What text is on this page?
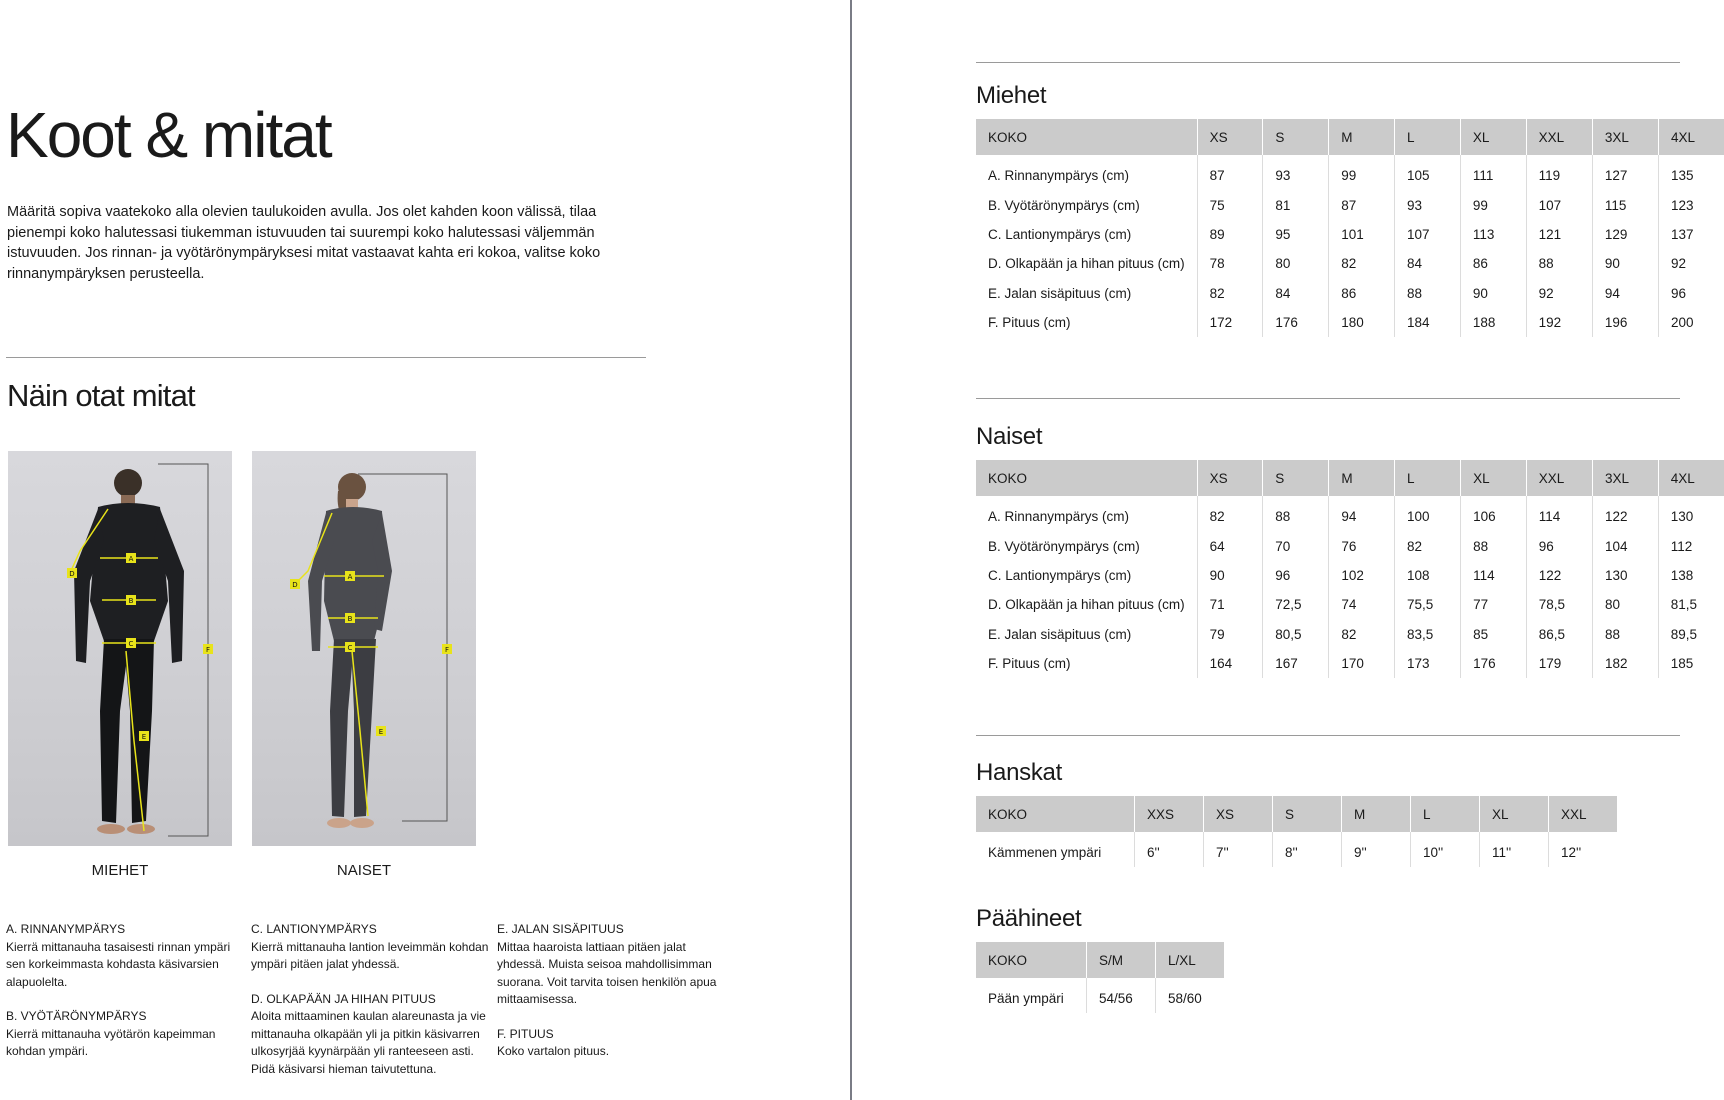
Koot & mitat

Määritä sopiva vaatekoko alla olevien taulukoiden avulla. Jos olet kahden koon välissä, tilaa pienempi koko halutessasi tiukemman istuvuuden tai suurempi koko halutessasi väljemmän istuvuuden. Jos rinnan- ja vyötärönympäryksesi mitat vastaavat kahta eri kokoa, valitse koko rinnanympäryksen perusteella.

Näin otat mitat
A
B
C
D
E
F
MIEHET
A
B
C
D
E
F
NAISET
A. RINNANYMPÄRYS
Kierrä mittanauha tasaisesti rinnan ympäri sen korkeimmasta kohdasta käsivarsien alapuolelta.
B. VYÖTÄRÖNYMPÄRYS
Kierrä mittanauha vyötärön kapeimman kohdan ympäri.
C. LANTIONYMPÄRYS
Kierrä mittanauha lantion leveimmän kohdan ympäri pitäen jalat yhdessä.
D. OLKAPÄÄN JA HIHAN PITUUS
Aloita mittaaminen kaulan alareunasta ja vie mittanauha olkapään yli ja pitkin käsivarren ulkosyrjää kyynärpään yli ranteeseen asti. Pidä käsivarsi hieman taivutettuna.
E. JALAN SISÄPITUUS
Mittaa haaroista lattiaan pitäen jalat yhdessä. Muista seisoa mahdollisimman suorana. Voit tarvita toisen henkilön apua mittaamisessa.
F. PITUUS
Koko vartalon pituus.
Miehet
KOKO	XS	S	M	L	XL	XXL	3XL	4XL
A. Rinnanympärys (cm)	87	93	99	105	111	119	127	135
B. Vyötärönympärys (cm)	75	81	87	93	99	107	115	123
C. Lantionympärys (cm)	89	95	101	107	113	121	129	137
D. Olkapään ja hihan pituus (cm)	78	80	82	84	86	88	90	92
E. Jalan sisäpituus (cm)	82	84	86	88	90	92	94	96
F. Pituus (cm)	172	176	180	184	188	192	196	200
Naiset
KOKO	XS	S	M	L	XL	XXL	3XL	4XL
A. Rinnanympärys (cm)	82	88	94	100	106	114	122	130
B. Vyötärönympärys (cm)	64	70	76	82	88	96	104	112
C. Lantionympärys (cm)	90	96	102	108	114	122	130	138
D. Olkapään ja hihan pituus (cm)	71	72,5	74	75,5	77	78,5	80	81,5
E. Jalan sisäpituus (cm)	79	80,5	82	83,5	85	86,5	88	89,5
F. Pituus (cm)	164	167	170	173	176	179	182	185
Hanskat
KOKO	XXS	XS	S	M	L	XL	XXL
Kämmenen ympäri	6''	7''	8''	9''	10''	11''	12''
Päähineet
KOKO	S/M	L/XL
Pään ympäri	54/56	58/60
